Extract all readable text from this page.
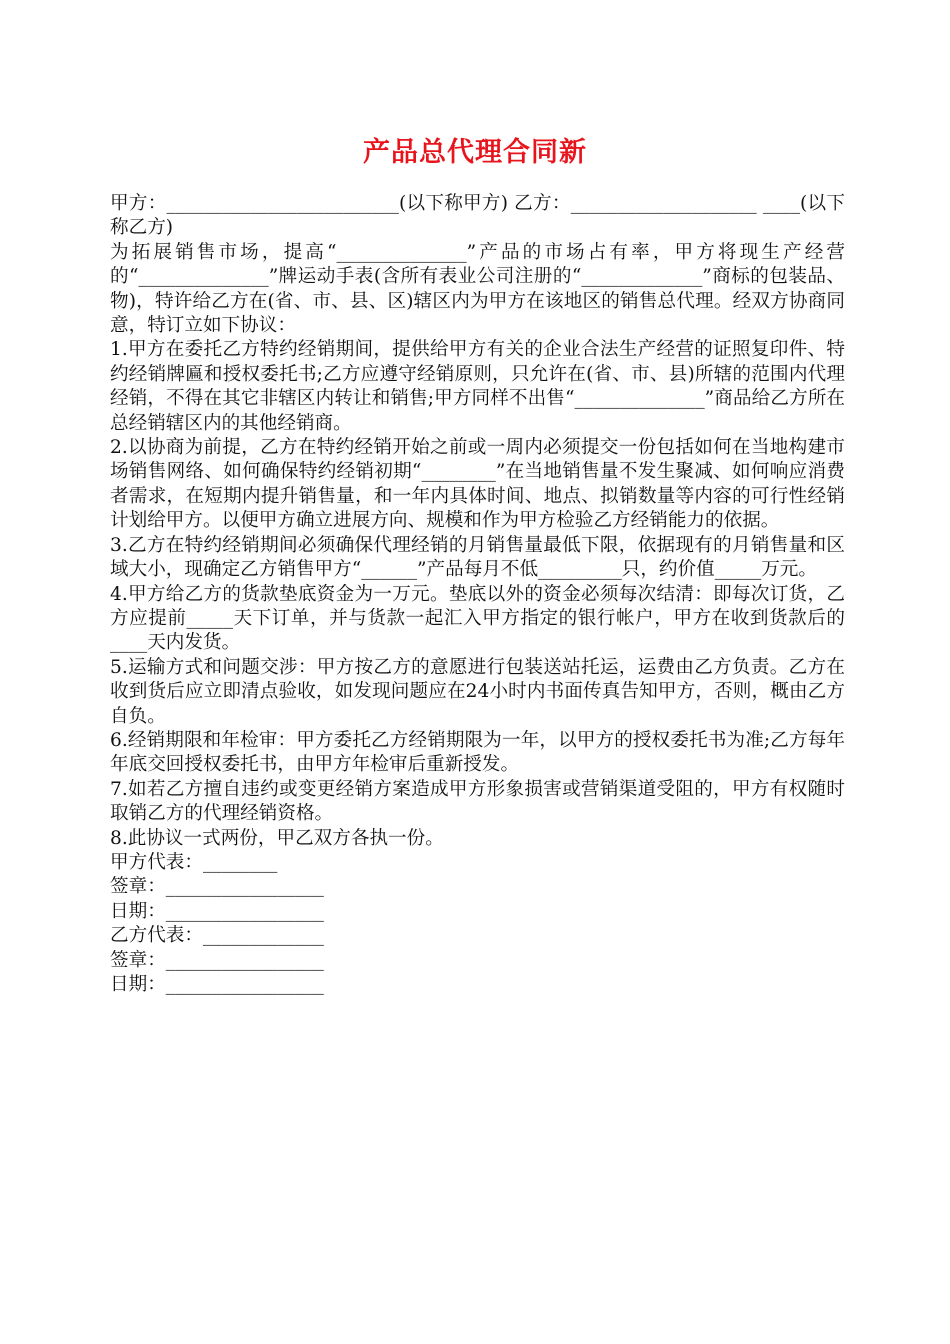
产品总代理合同新

甲方：_________________________(以下称甲方) 乙方：____________________ ____(以下称乙方)

为拓展销售市场，提高“______________”产品的市场占有率，甲方将现生产经营的“______________”牌运动手表(含所有表业公司注册的“_____________”商标的包装品、物)，特许给乙方在(省、市、县、区)辖区内为甲方在该地区的销售总代理。经双方协商同意，特订立如下协议：

1.甲方在委托乙方特约经销期间，提供给甲方有关的企业合法生产经营的证照复印件、特约经销牌匾和授权委托书;乙方应遵守经销原则，只允许在(省、市、县)所辖的范围内代理经销，不得在其它非辖区内转让和销售;甲方同样不出售“______________”商品给乙方所在总经销辖区内的其他经销商。

2.以协商为前提，乙方在特约经销开始之前或一周内必须提交一份包括如何在当地构建市场销售网络、如何确保特约经销初期“________”在当地销售量不发生聚减、如何响应消费者需求，在短期内提升销售量，和一年内具体时间、地点、拟销数量等内容的可行性经销计划给甲方。以便甲方确立进展方向、规模和作为甲方检验乙方经销能力的依据。

3.乙方在特约经销期间必须确保代理经销的月销售量最低下限，依据现有的月销售量和区域大小，现确定乙方销售甲方“______”产品每月不低_________只，约价值_____万元。

4.甲方给乙方的货款垫底资金为一万元。垫底以外的资金必须每次结清：即每次订货，乙方应提前_____天下订单，并与货款一起汇入甲方指定的银行帐户，甲方在收到货款后的____天内发货。

5.运输方式和问题交涉：甲方按乙方的意愿进行包装送站托运，运费由乙方负责。乙方在收到货后应立即清点验收，如发现问题应在24小时内书面传真告知甲方，否则，概由乙方自负。

6.经销期限和年检审：甲方委托乙方经销期限为一年，以甲方的授权委托书为准;乙方每年年底交回授权委托书，由甲方年检审后重新授发。

7.如若乙方擅自违约或变更经销方案造成甲方形象损害或营销渠道受阻的，甲方有权随时取销乙方的代理经销资格。

8.此协议一式两份，甲乙双方各执一份。

甲方代表：________

签章：_________________

日期：_________________

乙方代表：_____________

签章：_________________

日期：_________________
